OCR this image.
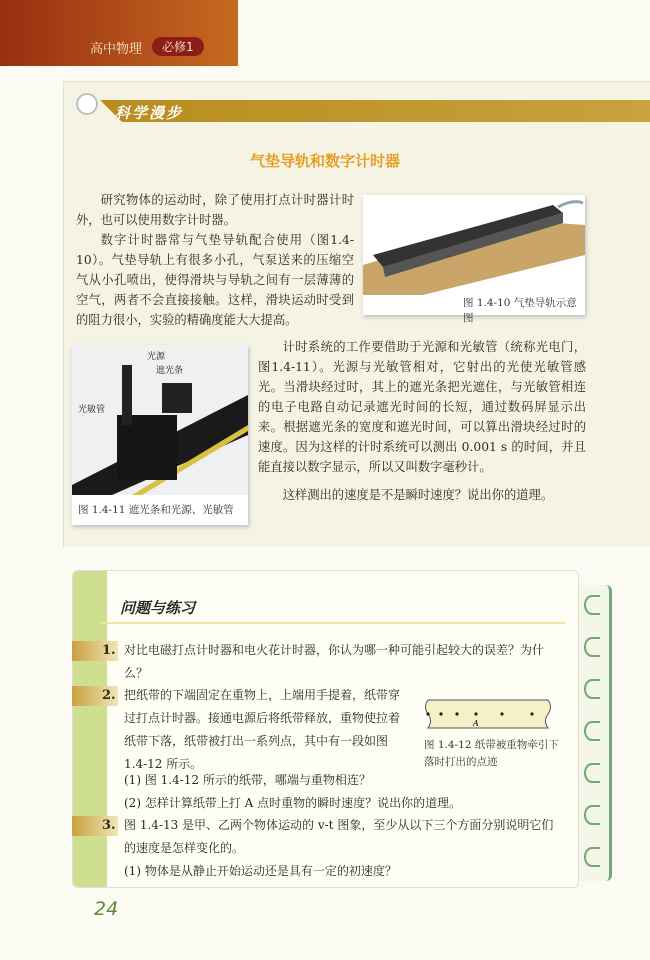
高中物理	必修1
科学漫步
气垫导轨和数字计时器
研究物体的运动时，除了使用打点计时器计时外，也可以使用数字计时器。
数字计时器常与气垫导轨配合使用（图1.4-10）。气垫导轨上有很多小孔，气泵送来的压缩空气从小孔喷出，使得滑块与导轨之间有一层薄薄的空气，两者不会直接接触。这样，滑块运动时受到的阻力很小，实验的精确度能大大提高。
图 1.4-10 气垫导轨示意图
光源
遮光条
光敏管
图 1.4-11 遮光条和光源、光敏管
计时系统的工作要借助于光源和光敏管（统称光电门，图1.4-11）。光源与光敏管相对，它射出的光使光敏管感光。当滑块经过时，其上的遮光条把光遮住，与光敏管相连的电子电路自动记录遮光时间的长短，通过数码屏显示出来。根据遮光条的宽度和遮光时间，可以算出滑块经过时的速度。因为这样的计时系统可以测出 0.001 s 的时间，并且能直接以数字显示，所以又叫数字毫秒计。
这样测出的速度是不是瞬时速度？说出你的道理。
问题与练习
1. 对比电磁打点计时器和电火花计时器，你认为哪一种可能引起较大的误差？为什么？
2. 把纸带的下端固定在重物上，上端用手提着，纸带穿过打点计时器。接通电源后将纸带释放，重物使拉着纸带下落，纸带被打出一系列点，其中有一段如图 1.4-12 所示。
(1) 图 1.4-12 所示的纸带，哪端与重物相连？
(2) 怎样计算纸带上打 A 点时重物的瞬时速度？说出你的道理。
A
图 1.4-12 纸带被重物牵引下落时打出的点迹
3. 图 1.4-13 是甲、乙两个物体运动的 v-t 图象，至少从以下三个方面分别说明它们的速度是怎样变化的。
(1) 物体是从静止开始运动还是具有一定的初速度？
24
